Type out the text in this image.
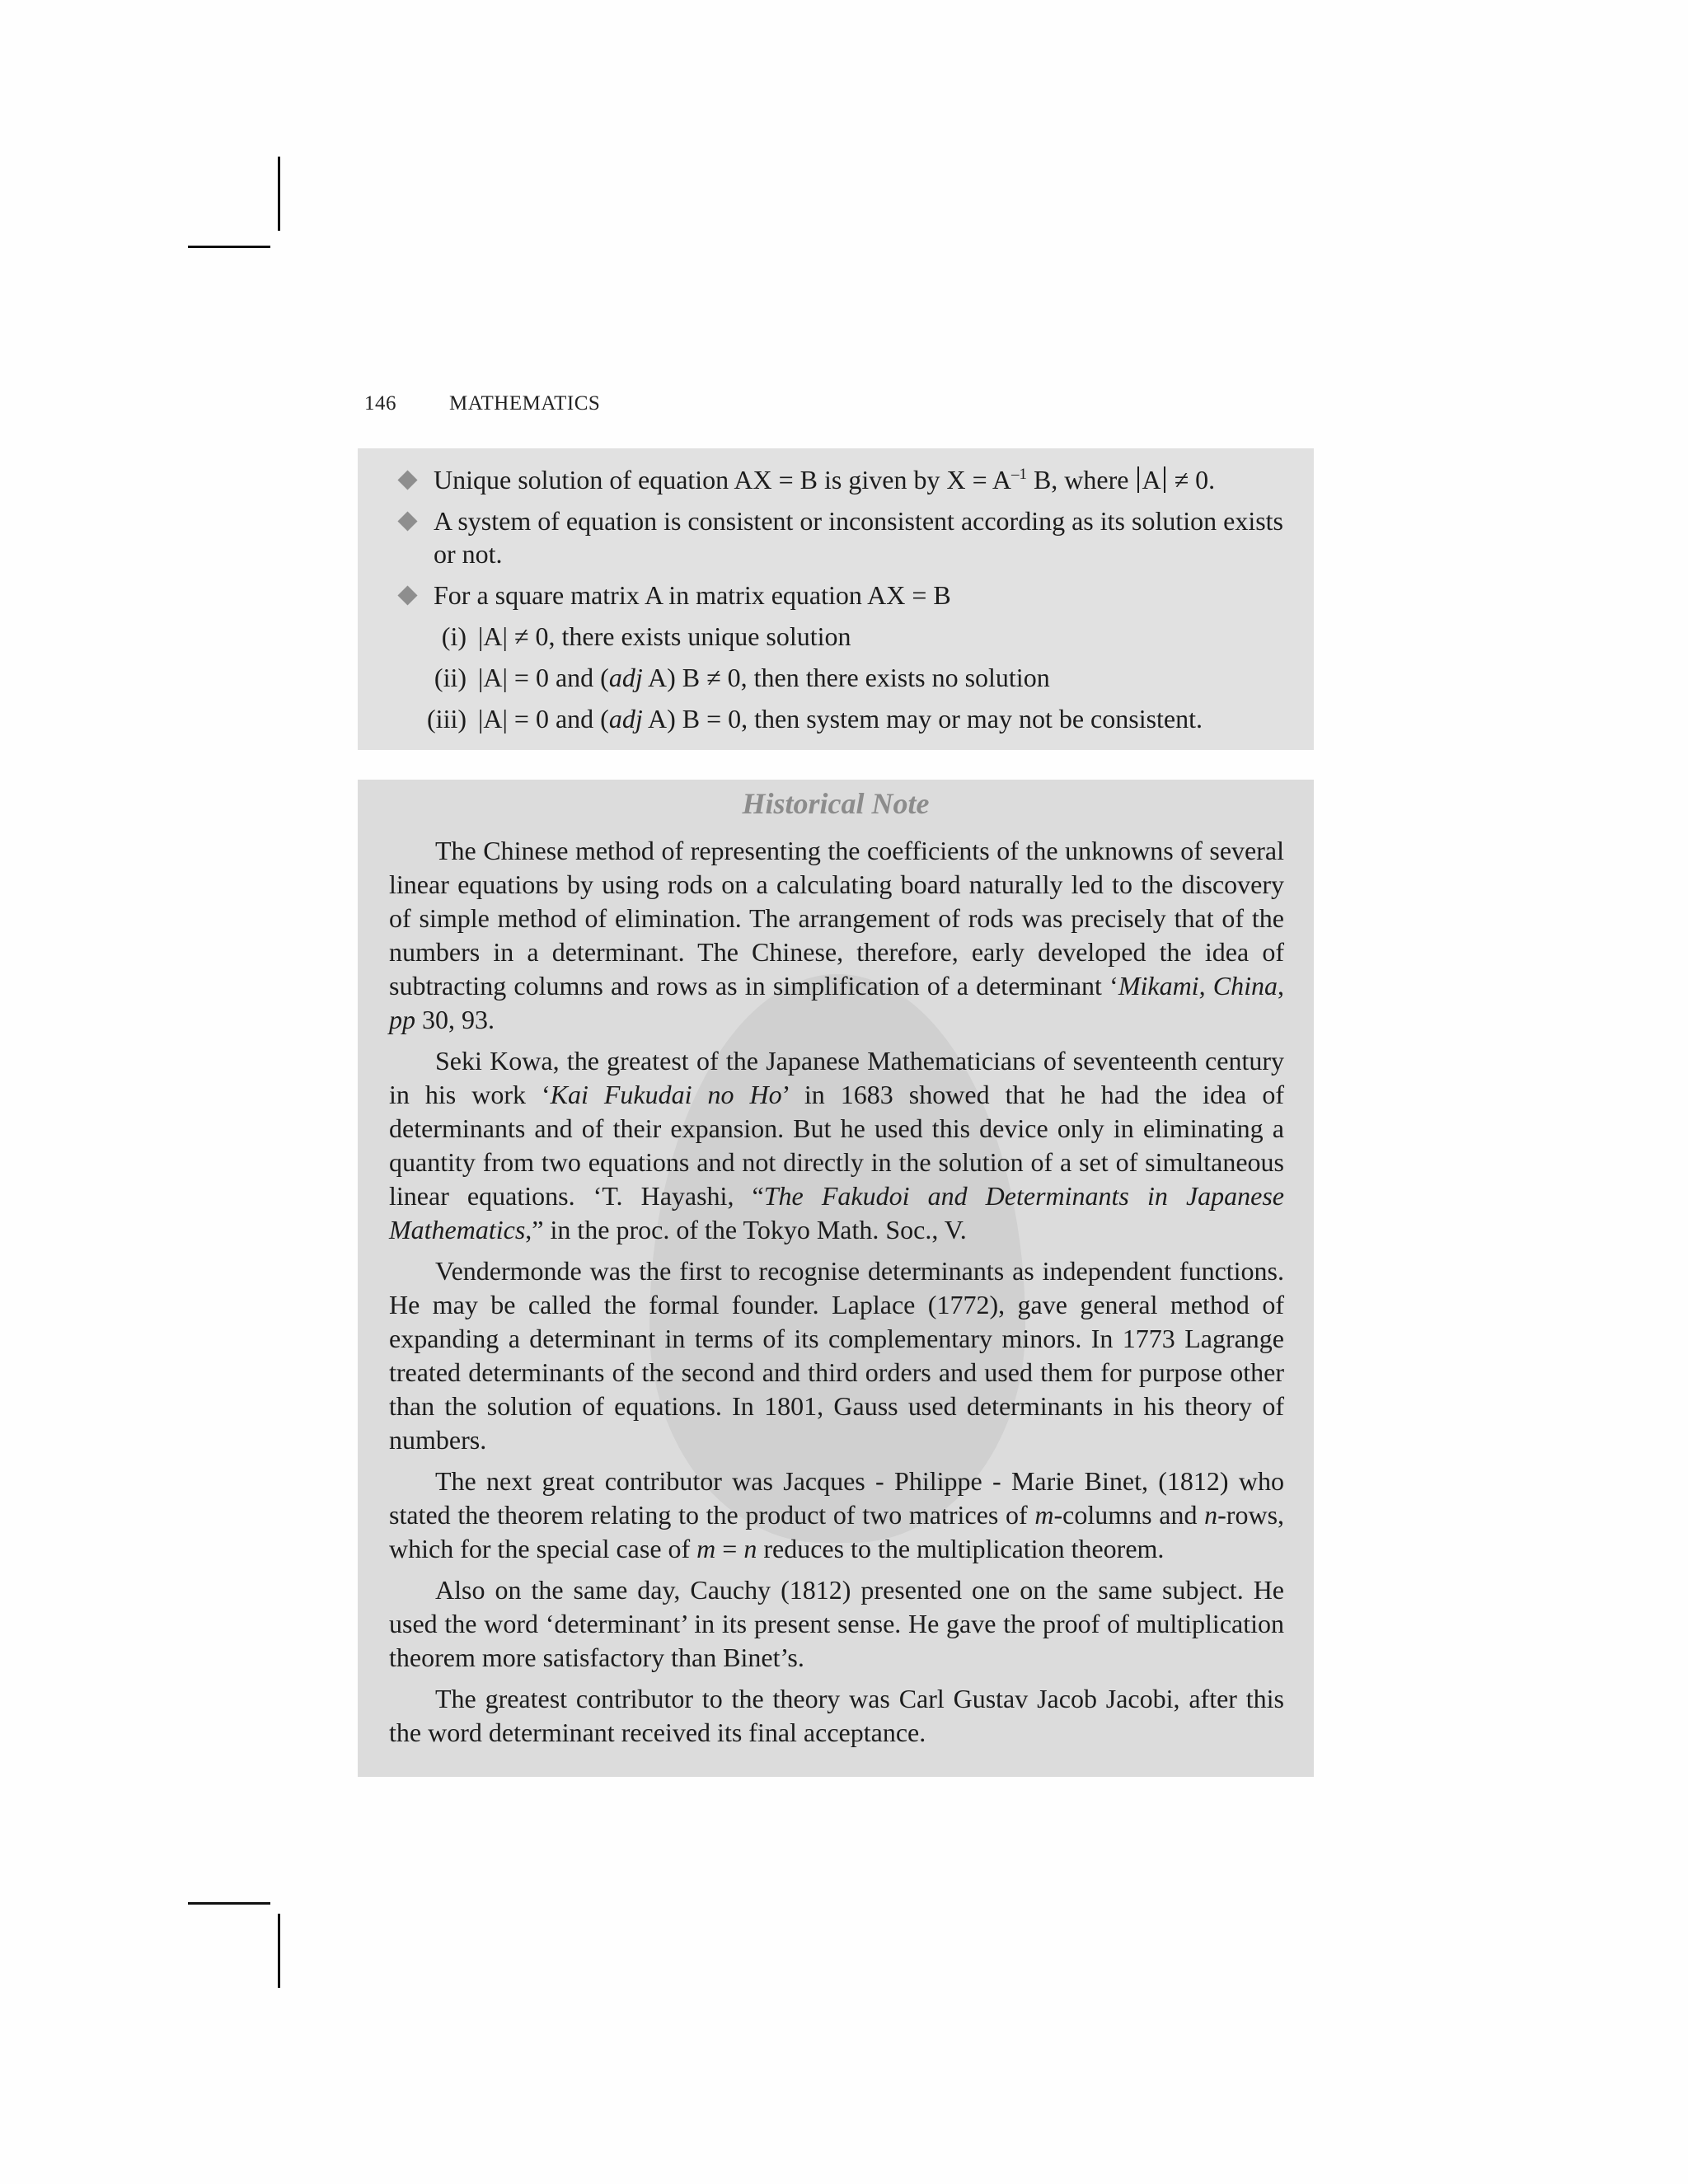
146	MATHEMATICS
Unique solution of equation AX = B is given by $X = A^{-1}$ B, where A ≠ 0.
A system of equation is consistent or inconsistent according as its solution exists or not.
For a square matrix A in matrix equation AX = B
(i) |A| ≠ 0, there exists unique solution
(ii) |A| = 0 and (adj A) B ≠ 0, then there exists no solution
(iii) |A| = 0 and (adj A) B = 0, then system may or may not be consistent.
Historical Note

The Chinese method of representing the coefficients of the unknowns of several linear equations by using rods on a calculating board naturally led to the discovery of simple method of elimination. The arrangement of rods was precisely that of the numbers in a determinant. The Chinese, therefore, early developed the idea of subtracting columns and rows as in simplification of a determinant ‘Mikami, China, pp 30, 93.

Seki Kowa, the greatest of the Japanese Mathematicians of seventeenth century in his work ‘Kai Fukudai no Ho’ in 1683 showed that he had the idea of determinants and of their expansion. But he used this device only in eliminating a quantity from two equations and not directly in the solution of a set of simultaneous linear equations. ‘T. Hayashi, “The Fakudoi and Determinants in Japanese Mathematics,” in the proc. of the Tokyo Math. Soc., V.

Vendermonde was the first to recognise determinants as independent functions. He may be called the formal founder. Laplace (1772), gave general method of expanding a determinant in terms of its complementary minors. In 1773 Lagrange treated determinants of the second and third orders and used them for purpose other than the solution of equations. In 1801, Gauss used determinants in his theory of numbers.

The next great contributor was Jacques - Philippe - Marie Binet, (1812) who stated the theorem relating to the product of two matrices of m-columns and n-rows, which for the special case of m = n reduces to the multiplication theorem.

Also on the same day, Cauchy (1812) presented one on the same subject. He used the word ‘determinant’ in its present sense. He gave the proof of multiplication theorem more satisfactory than Binet’s.

The greatest contributor to the theory was Carl Gustav Jacob Jacobi, after this the word determinant received its final acceptance.
